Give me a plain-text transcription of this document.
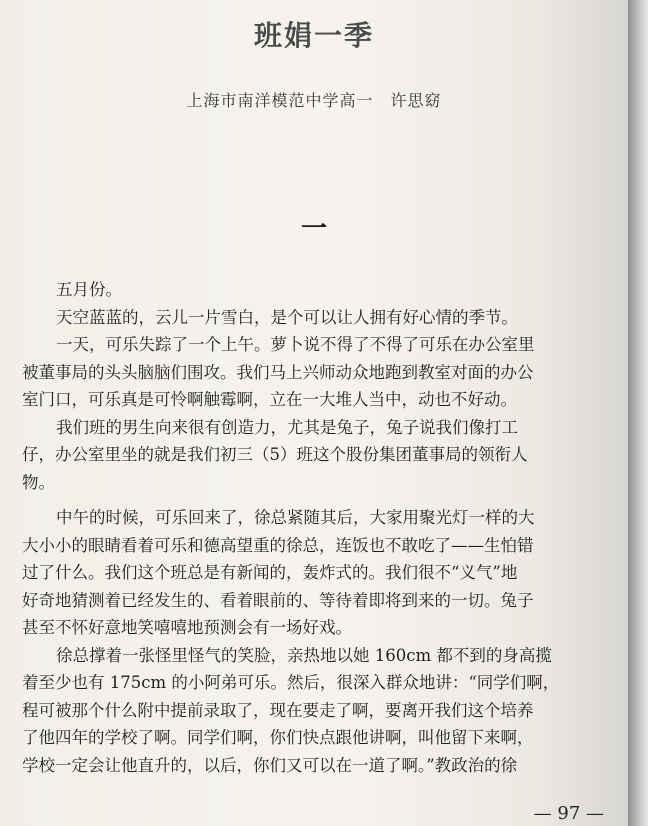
班娟一季
上海市南洋模范中学高一　许思窈
一
五月份。
天空蓝蓝的，云儿一片雪白，是个可以让人拥有好心情的季节。
一天，可乐失踪了一个上午。萝卜说不得了不得了可乐在办公室里
被董事局的头头脑脑们围攻。我们马上兴师动众地跑到教室对面的办公
室门口，可乐真是可怜啊触霉啊，立在一大堆人当中，动也不好动。
我们班的男生向来很有创造力，尤其是兔子，兔子说我们像打工
仔，办公室里坐的就是我们初三（5）班这个股份集团董事局的领衔人
物。
中午的时候，可乐回来了，徐总紧随其后，大家用聚光灯一样的大
大小小的眼睛看着可乐和德高望重的徐总，连饭也不敢吃了——生怕错
过了什么。我们这个班总是有新闻的，轰炸式的。我们很不“义气”地
好奇地猜测着已经发生的、看着眼前的、等待着即将到来的一切。兔子
甚至不怀好意地笑嘻嘻地预测会有一场好戏。
徐总撑着一张怪里怪气的笑脸，亲热地以她 160cm 都不到的身高揽
着至少也有 175cm 的小阿弟可乐。然后，很深入群众地讲：“同学们啊，
程可被那个什么附中提前录取了，现在要走了啊，要离开我们这个培养
了他四年的学校了啊。同学们啊，你们快点跟他讲啊，叫他留下来啊，
学校一定会让他直升的，以后，你们又可以在一道了啊。”教政治的徐
— 97 —
